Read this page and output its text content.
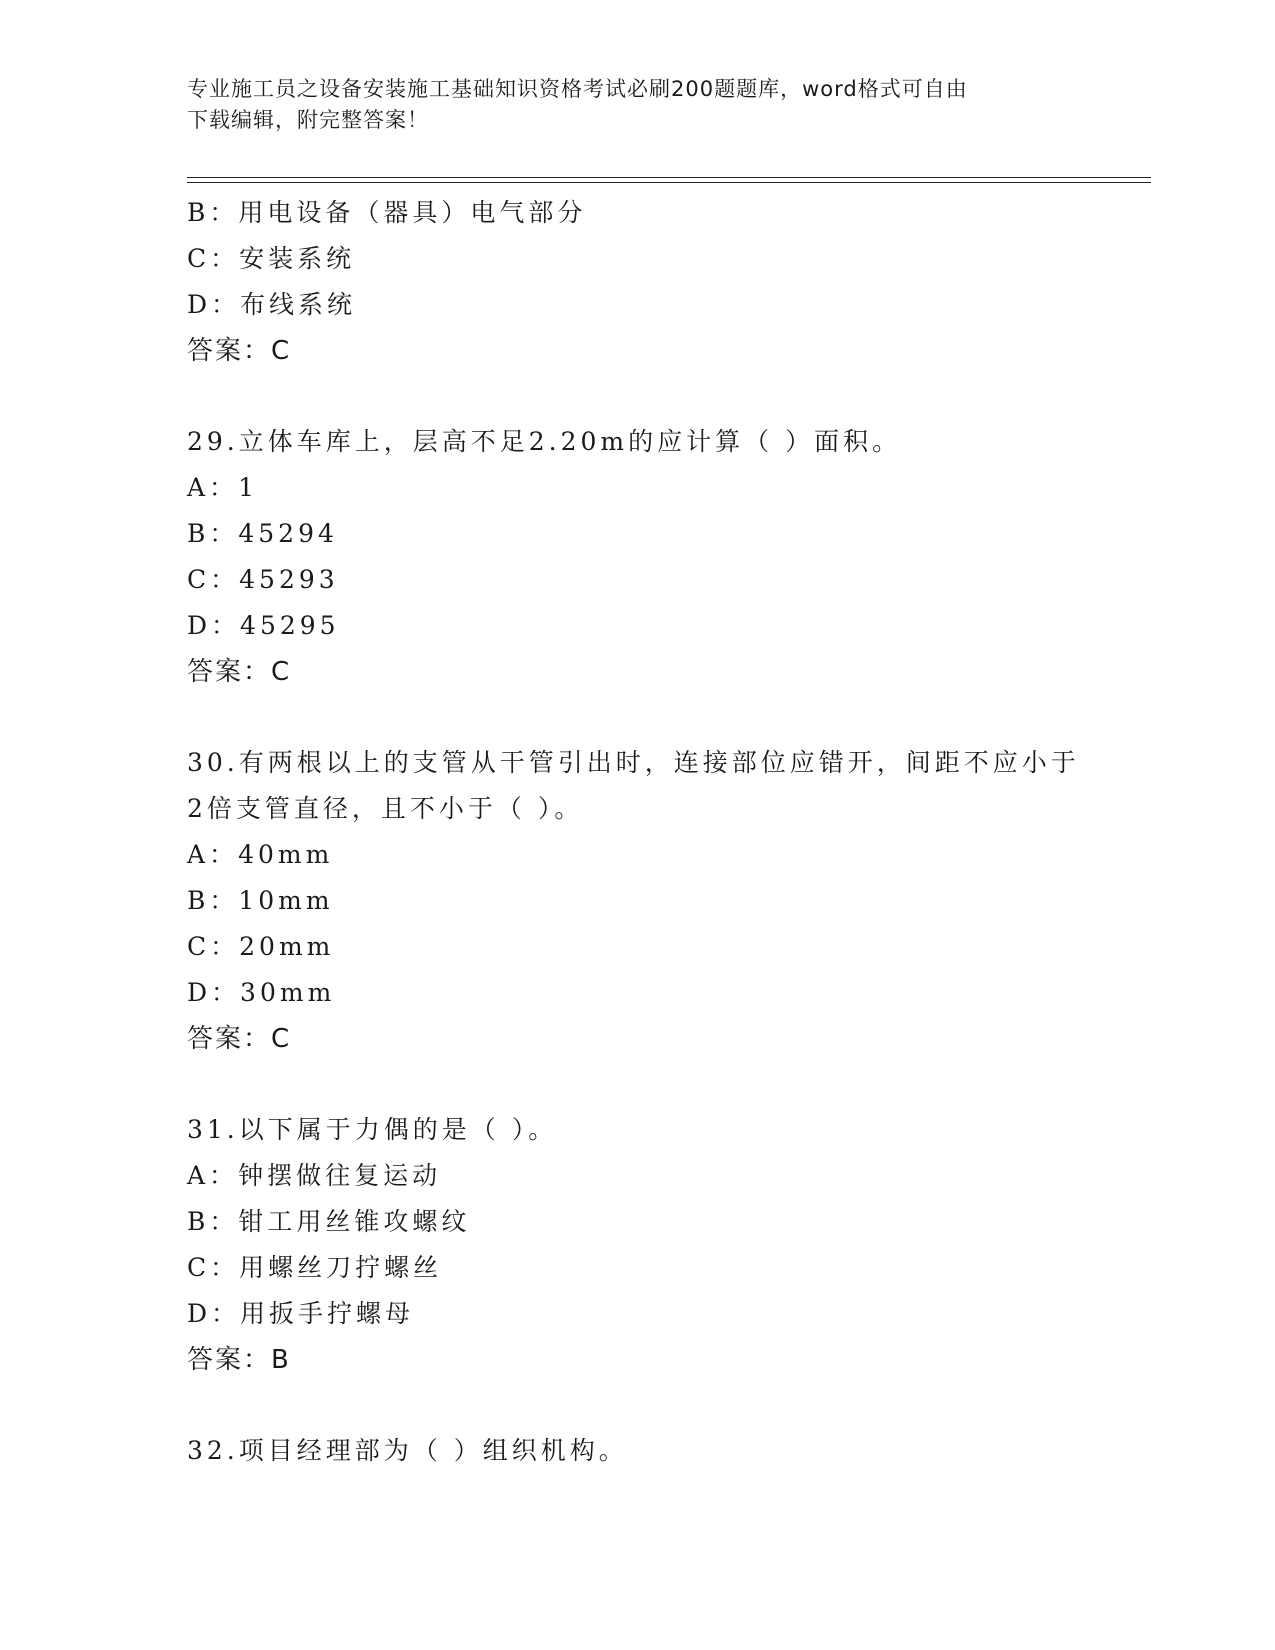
专业施工员之设备安装施工基础知识资格考试必刷200题题库，word格式可自由
下载编辑，附完整答案！
B：用电设备（器具）电气部分
C：安装系统
D：布线系统
答案：C
29.立体车库上，层高不足2.20m的应计算（ ）面积。
A：1
B：45294
C：45293
D：45295
答案：C
30.有两根以上的支管从干管引出时，连接部位应错开，间距不应小于
2倍支管直径，且不小于（ ）。
A：40mm
B：10mm
C：20mm
D：30mm
答案：C
31.以下属于力偶的是（ ）。
A：钟摆做往复运动
B：钳工用丝锥攻螺纹
C：用螺丝刀拧螺丝
D：用扳手拧螺母
答案：B
32.项目经理部为（ ）组织机构。
